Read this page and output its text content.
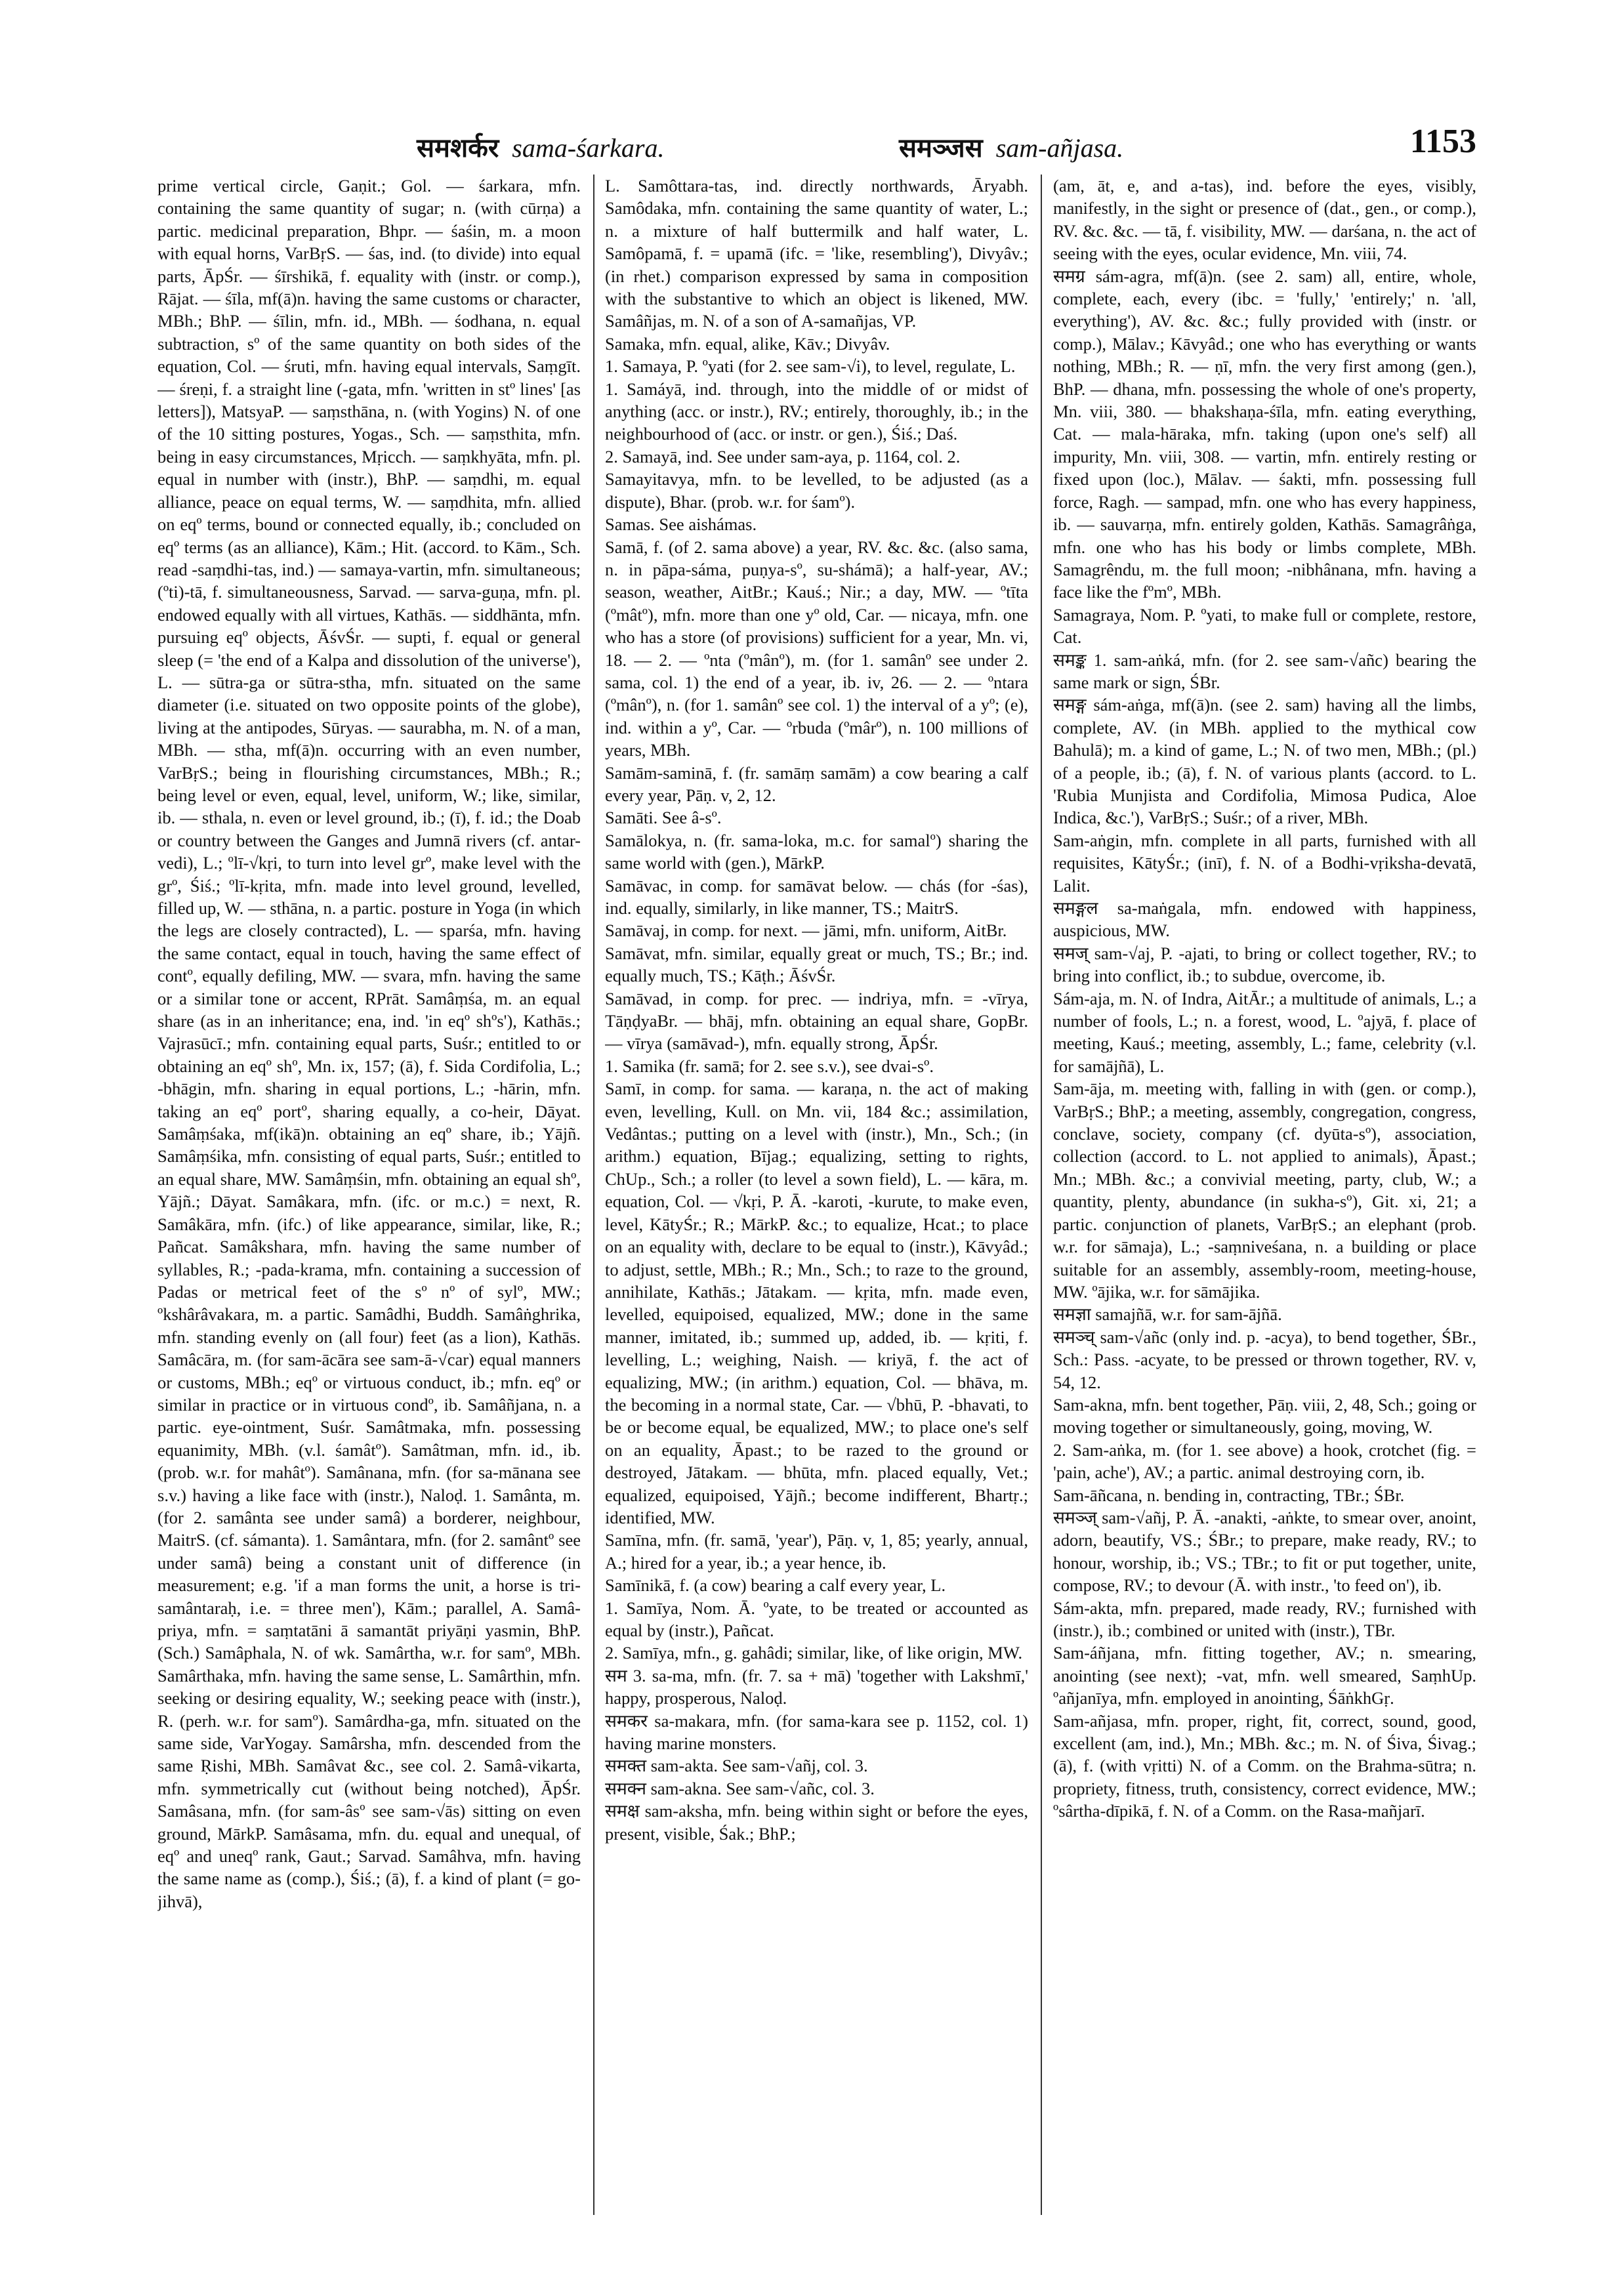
समशर्कर sama-śarkara.	समञ्जस sam-añjasa.	1153

prime vertical circle, Gaṇit.; Gol. — śarkara, mfn. containing the same quantity of sugar; n. (with cūrṇa) a partic. medicinal preparation, Bhpr. — śaśin, m. a moon with equal horns, VarBṛS. — śas, ind. (to divide) into equal parts, ĀpŚr. — śīrshikā, f. equality with (instr. or comp.), Rājat. — śīla, mf(ā)n. having the same customs or character, MBh.; BhP. — śīlin, mfn. id., MBh. — śodhana, n. equal subtraction, sº of the same quantity on both sides of the equation, Col. — śruti, mfn. having equal intervals, Saṃgīt. — śreṇi, f. a straight line (-gata, mfn. 'written in stº lines' [as letters]), MatsyaP. — saṃsthāna, n. (with Yogins) N. of one of the 10 sitting postures, Yogas., Sch. — saṃsthita, mfn. being in easy circumstances, Mṛicch. — saṃkhyāta, mfn. pl. equal in number with (instr.), BhP. — saṃdhi, m. equal alliance, peace on equal terms, W. — saṃdhita, mfn. allied on eqº terms, bound or connected equally, ib.; concluded on eqº terms (as an alliance), Kām.; Hit. (accord. to Kām., Sch. read -saṃdhi-tas, ind.) — samaya-vartin, mfn. simultaneous; (ºti)-tā, f. simultaneousness, Sarvad. — sarva-guṇa, mfn. pl. endowed equally with all virtues, Kathās. — siddhānta, mfn. pursuing eqº objects, ĀśvŚr. — supti, f. equal or general sleep (= 'the end of a Kalpa and dissolution of the universe'), L. — sūtra-ga or sūtra-stha, mfn. situated on the same diameter (i.e. situated on two opposite points of the globe), living at the antipodes, Sūryas. — saurabha, m. N. of a man, MBh. — stha, mf(ā)n. occurring with an even number, VarBṛS.; being in flourishing circumstances, MBh.; R.; being level or even, equal, level, uniform, W.; like, similar, ib. — sthala, n. even or level ground, ib.; (ī), f. id.; the Doab or country between the Ganges and Jumnā rivers (cf. antar-vedi), L.; ºlī-√kṛi, to turn into level grº, make level with the grº, Śiś.; ºlī-kṛita, mfn. made into level ground, levelled, filled up, W. — sthāna, n. a partic. posture in Yoga (in which the legs are closely contracted), L. — sparśa, mfn. having the same contact, equal in touch, having the same effect of contº, equally defiling, MW. — svara, mfn. having the same or a similar tone or accent, RPrāt. Samâṃśa, m. an equal share (as in an inheritance; ena, ind. 'in eqº shºs'), Kathās.; Vajrasūcī.; mfn. containing equal parts, Suśr.; entitled to or obtaining an eqº shº, Mn. ix, 157; (ā), f. Sida Cordifolia, L.; -bhāgin, mfn. sharing in equal portions, L.; -hārin, mfn. taking an eqº portº, sharing equally, a co-heir, Dāyat. Samâṃśaka, mf(ikā)n. obtaining an eqº share, ib.; Yājñ. Samâṃśika, mfn. consisting of equal parts, Suśr.; entitled to an equal share, MW. Samâṃśin, mfn. obtaining an equal shº, Yājñ.; Dāyat. Samâkara, mfn. (ifc. or m.c.) = next, R. Samâkāra, mfn. (ifc.) of like appearance, similar, like, R.; Pañcat. Samâkshara, mfn. having the same number of syllables, R.; -pada-krama, mfn. containing a succession of Padas or metrical feet of the sº nº of sylº, MW.; ºkshârâvakara, m. a partic. Samâdhi, Buddh. Samâṅghrika, mfn. standing evenly on (all four) feet (as a lion), Kathās. Samâcāra, m. (for sam-ācāra see sam-ā-√car) equal manners or customs, MBh.; eqº or virtuous conduct, ib.; mfn. eqº or similar in practice or in virtuous condº, ib. Samâñjana, n. a partic. eye-ointment, Suśr. Samâtmaka, mfn. possessing equanimity, MBh. (v.l. śamâtº). Samâtman, mfn. id., ib. (prob. w.r. for mahâtº). Samânana, mfn. (for sa-mānana see s.v.) having a like face with (instr.), Naloḍ. 1. Samânta, m. (for 2. samânta see under samâ) a borderer, neighbour, MaitrS. (cf. sámanta). 1. Samântara, mfn. (for 2. samântº see under samâ) being a constant unit of difference (in measurement; e.g. 'if a man forms the unit, a horse is tri-samântaraḥ, i.e. = three men'), Kām.; parallel, A. Samâ-priya, mfn. = saṃtatāni ā samantāt priyāṇi yasmin, BhP. (Sch.) Samâphala, N. of wk. Samârtha, w.r. for samº, MBh. Samârthaka, mfn. having the same sense, L. Samârthin, mfn. seeking or desiring equality, W.; seeking peace with (instr.), R. (perh. w.r. for samº). Samârdha-ga, mfn. situated on the same side, VarYogay. Samârsha, mfn. descended from the same Ṛishi, MBh. Samâvat &c., see col. 2. Samâ-vikarta, mfn. symmetrically cut (without being notched), ĀpŚr. Samâsana, mfn. (for sam-âsº see sam-√ās) sitting on even ground, MārkP. Samâsama, mfn. du. equal and unequal, of eqº and uneqº rank, Gaut.; Sarvad. Samâhva, mfn. having the same name as (comp.), Śiś.; (ā), f. a kind of plant (= go-jihvā),

L. Samôttara-tas, ind. directly northwards, Āryabh. Samôdaka, mfn. containing the same quantity of water, L.; n. a mixture of half buttermilk and half water, L. Samôpamā, f. = upamā (ifc. = 'like, resembling'), Divyâv.; (in rhet.) comparison expressed by sama in composition with the substantive to which an object is likened, MW. Samâñjas, m. N. of a son of A-samañjas, VP.

Samaka, mfn. equal, alike, Kāv.; Divyâv.

1. Samaya, P. ºyati (for 2. see sam-√i), to level, regulate, L.

1. Samáyā, ind. through, into the middle of or midst of anything (acc. or instr.), RV.; entirely, thoroughly, ib.; in the neighbourhood of (acc. or instr. or gen.), Śiś.; Daś.

2. Samayā, ind. See under sam-aya, p. 1164, col. 2.

Samayitavya, mfn. to be levelled, to be adjusted (as a dispute), Bhar. (prob. w.r. for śamº).

Samas. See aishámas.

Samā, f. (of 2. sama above) a year, RV. &c. &c. (also sama, n. in pāpa-sáma, puṇya-sº, su-shámā); a half-year, AV.; season, weather, AitBr.; Kauś.; Nir.; a day, MW. — ºtīta (ºmâtº), mfn. more than one yº old, Car. — nicaya, mfn. one who has a store (of provisions) sufficient for a year, Mn. vi, 18. — 2. — ºnta (ºmânº), m. (for 1. samânº see under 2. sama, col. 1) the end of a year, ib. iv, 26. — 2. — ºntara (ºmânº), n. (for 1. samânº see col. 1) the interval of a yº; (e), ind. within a yº, Car. — ºrbuda (ºmârº), n. 100 millions of years, MBh.

Samām-saminā, f. (fr. samāṃ samām) a cow bearing a calf every year, Pāṇ. v, 2, 12.

Samāti. See â-sº.

Samālokya, n. (fr. sama-loka, m.c. for samalº) sharing the same world with (gen.), MārkP.

Samāvac, in comp. for samāvat below. — chás (for -śas), ind. equally, similarly, in like manner, TS.; MaitrS.

Samāvaj, in comp. for next. — jāmi, mfn. uniform, AitBr.

Samāvat, mfn. similar, equally great or much, TS.; Br.; ind. equally much, TS.; Kāṭh.; ĀśvŚr.

Samāvad, in comp. for prec. — indriya, mfn. = -vīrya, TāṇḍyaBr. — bhāj, mfn. obtaining an equal share, GopBr. — vīrya (samāvad-), mfn. equally strong, ĀpŚr.

1. Samika (fr. samā; for 2. see s.v.), see dvai-sº.

Samī, in comp. for sama. — karaṇa, n. the act of making even, levelling, Kull. on Mn. vii, 184 &c.; assimilation, Vedântas.; putting on a level with (instr.), Mn., Sch.; (in arithm.) equation, Bījag.; equalizing, setting to rights, ChUp., Sch.; a roller (to level a sown field), L. — kāra, m. equation, Col. — √kṛi, P. Ā. -karoti, -kurute, to make even, level, KātyŚr.; R.; MārkP. &c.; to equalize, Hcat.; to place on an equality with, declare to be equal to (instr.), Kāvyâd.; to adjust, settle, MBh.; R.; Mn., Sch.; to raze to the ground, annihilate, Kathās.; Jātakam. — kṛita, mfn. made even, levelled, equipoised, equalized, MW.; done in the same manner, imitated, ib.; summed up, added, ib. — kṛiti, f. levelling, L.; weighing, Naish. — kriyā, f. the act of equalizing, MW.; (in arithm.) equation, Col. — bhāva, m. the becoming in a normal state, Car. — √bhū, P. -bhavati, to be or become equal, be equalized, MW.; to place one's self on an equality, Āpast.; to be razed to the ground or destroyed, Jātakam. — bhūta, mfn. placed equally, Vet.; equalized, equipoised, Yājñ.; become indifferent, Bhartṛ.; identified, MW.

Samīna, mfn. (fr. samā, 'year'), Pāṇ. v, 1, 85; yearly, annual, A.; hired for a year, ib.; a year hence, ib.

Samīnikā, f. (a cow) bearing a calf every year, L.

1. Samīya, Nom. Ā. ºyate, to be treated or accounted as equal by (instr.), Pañcat.

2. Samīya, mfn., g. gahâdi; similar, like, of like origin, MW.

सम 3. sa-ma, mfn. (fr. 7. sa + mā) 'together with Lakshmī,' happy, prosperous, Naloḍ.

समकर sa-makara, mfn. (for sama-kara see p. 1152, col. 1) having marine monsters.

समक्त sam-akta. See sam-√añj, col. 3.

समक्न sam-akna. See sam-√añc, col. 3.

समक्ष sam-aksha, mfn. being within sight or before the eyes, present, visible, Śak.; BhP.;

(am, āt, e, and a-tas), ind. before the eyes, visibly, manifestly, in the sight or presence of (dat., gen., or comp.), RV. &c. &c. — tā, f. visibility, MW. — darśana, n. the act of seeing with the eyes, ocular evidence, Mn. viii, 74.

समग्र sám-agra, mf(ā)n. (see 2. sam) all, entire, whole, complete, each, every (ibc. = 'fully,' 'entirely;' n. 'all, everything'), AV. &c. &c.; fully provided with (instr. or comp.), Mālav.; Kāvyâd.; one who has everything or wants nothing, MBh.; R. — ṇī, mfn. the very first among (gen.), BhP. — dhana, mfn. possessing the whole of one's property, Mn. viii, 380. — bhakshaṇa-śīla, mfn. eating everything, Cat. — mala-hāraka, mfn. taking (upon one's self) all impurity, Mn. viii, 308. — vartin, mfn. entirely resting or fixed upon (loc.), Mālav. — śakti, mfn. possessing full force, Ragh. — sampad, mfn. one who has every happiness, ib. — sauvarṇa, mfn. entirely golden, Kathās. Samagrâṅga, mfn. one who has his body or limbs complete, MBh. Samagrêndu, m. the full moon; -nibhânana, mfn. having a face like the fºmº, MBh.

Samagraya, Nom. P. ºyati, to make full or complete, restore, Cat.

समङ्क 1. sam-aṅká, mfn. (for 2. see sam-√añc) bearing the same mark or sign, ŚBr.

समङ्ग sám-aṅga, mf(ā)n. (see 2. sam) having all the limbs, complete, AV. (in MBh. applied to the mythical cow Bahulā); m. a kind of game, L.; N. of two men, MBh.; (pl.) of a people, ib.; (ā), f. N. of various plants (accord. to L. 'Rubia Munjista and Cordifolia, Mimosa Pudica, Aloe Indica, &c.'), VarBṛS.; Suśr.; of a river, MBh.

Sam-aṅgin, mfn. complete in all parts, furnished with all requisites, KātyŚr.; (inī), f. N. of a Bodhi-vṛiksha-devatā, Lalit.

समङ्गल sa-maṅgala, mfn. endowed with happiness, auspicious, MW.

समज् sam-√aj, P. -ajati, to bring or collect together, RV.; to bring into conflict, ib.; to subdue, overcome, ib.

Sám-aja, m. N. of Indra, AitĀr.; a multitude of animals, L.; a number of fools, L.; n. a forest, wood, L. ºajyā, f. place of meeting, Kauś.; meeting, assembly, L.; fame, celebrity (v.l. for samājñā), L.

Sam-āja, m. meeting with, falling in with (gen. or comp.), VarBṛS.; BhP.; a meeting, assembly, congregation, congress, conclave, society, company (cf. dyūta-sº), association, collection (accord. to L. not applied to animals), Āpast.; Mn.; MBh. &c.; a convivial meeting, party, club, W.; a quantity, plenty, abundance (in sukha-sº), Git. xi, 21; a partic. conjunction of planets, VarBṛS.; an elephant (prob. w.r. for sāmaja), L.; -saṃniveśana, n. a building or place suitable for an assembly, assembly-room, meeting-house, MW. ºājika, w.r. for sāmājika.

समज्ञा samajñā, w.r. for sam-ājñā.

समञ्च् sam-√añc (only ind. p. -acya), to bend together, ŚBr., Sch.: Pass. -acyate, to be pressed or thrown together, RV. v, 54, 12.

Sam-akna, mfn. bent together, Pāṇ. viii, 2, 48, Sch.; going or moving together or simultaneously, going, moving, W.

2. Sam-aṅka, m. (for 1. see above) a hook, crotchet (fig. = 'pain, ache'), AV.; a partic. animal destroying corn, ib.

Sam-āñcana, n. bending in, contracting, TBr.; ŚBr.

समञ्ज् sam-√añj, P. Ā. -anakti, -aṅkte, to smear over, anoint, adorn, beautify, VS.; ŚBr.; to prepare, make ready, RV.; to honour, worship, ib.; VS.; TBr.; to fit or put together, unite, compose, RV.; to devour (Ā. with instr., 'to feed on'), ib.

Sám-akta, mfn. prepared, made ready, RV.; furnished with (instr.), ib.; combined or united with (instr.), TBr.

Sam-áñjana, mfn. fitting together, AV.; n. smearing, anointing (see next); -vat, mfn. well smeared, SaṃhUp. ºañjanīya, mfn. employed in anointing, ŚāṅkhGṛ.

Sam-añjasa, mfn. proper, right, fit, correct, sound, good, excellent (am, ind.), Mn.; MBh. &c.; m. N. of Śiva, Śivag.; (ā), f. (with vṛitti) N. of a Comm. on the Brahma-sūtra; n. propriety, fitness, truth, consistency, correct evidence, MW.; ºsârtha-dīpikā, f. N. of a Comm. on the Rasa-mañjarī.
